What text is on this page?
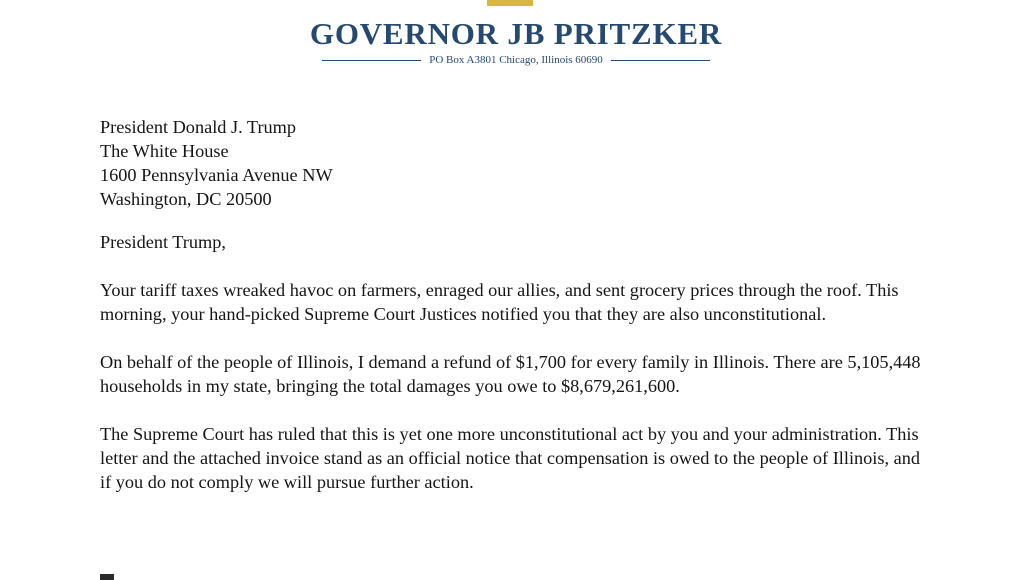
GOVERNOR JB PRITZKER
PO Box A3801 Chicago, Illinois 60690
President Donald J. Trump
The White House
1600 Pennsylvania Avenue NW
Washington, DC 20500
President Trump,

Your tariff taxes wreaked havoc on farmers, enraged our allies, and sent grocery prices through the roof. This morning, your hand-picked Supreme Court Justices notified you that they are also unconstitutional.

On behalf of the people of Illinois, I demand a refund of $1,700 for every family in Illinois. There are 5,105,448 households in my state, bringing the total damages you owe to $8,679,261,600.

The Supreme Court has ruled that this is yet one more unconstitutional act by you and your administration. This letter and the attached invoice stand as an official notice that compensation is owed to the people of Illinois, and if you do not comply we will pursue further action.
